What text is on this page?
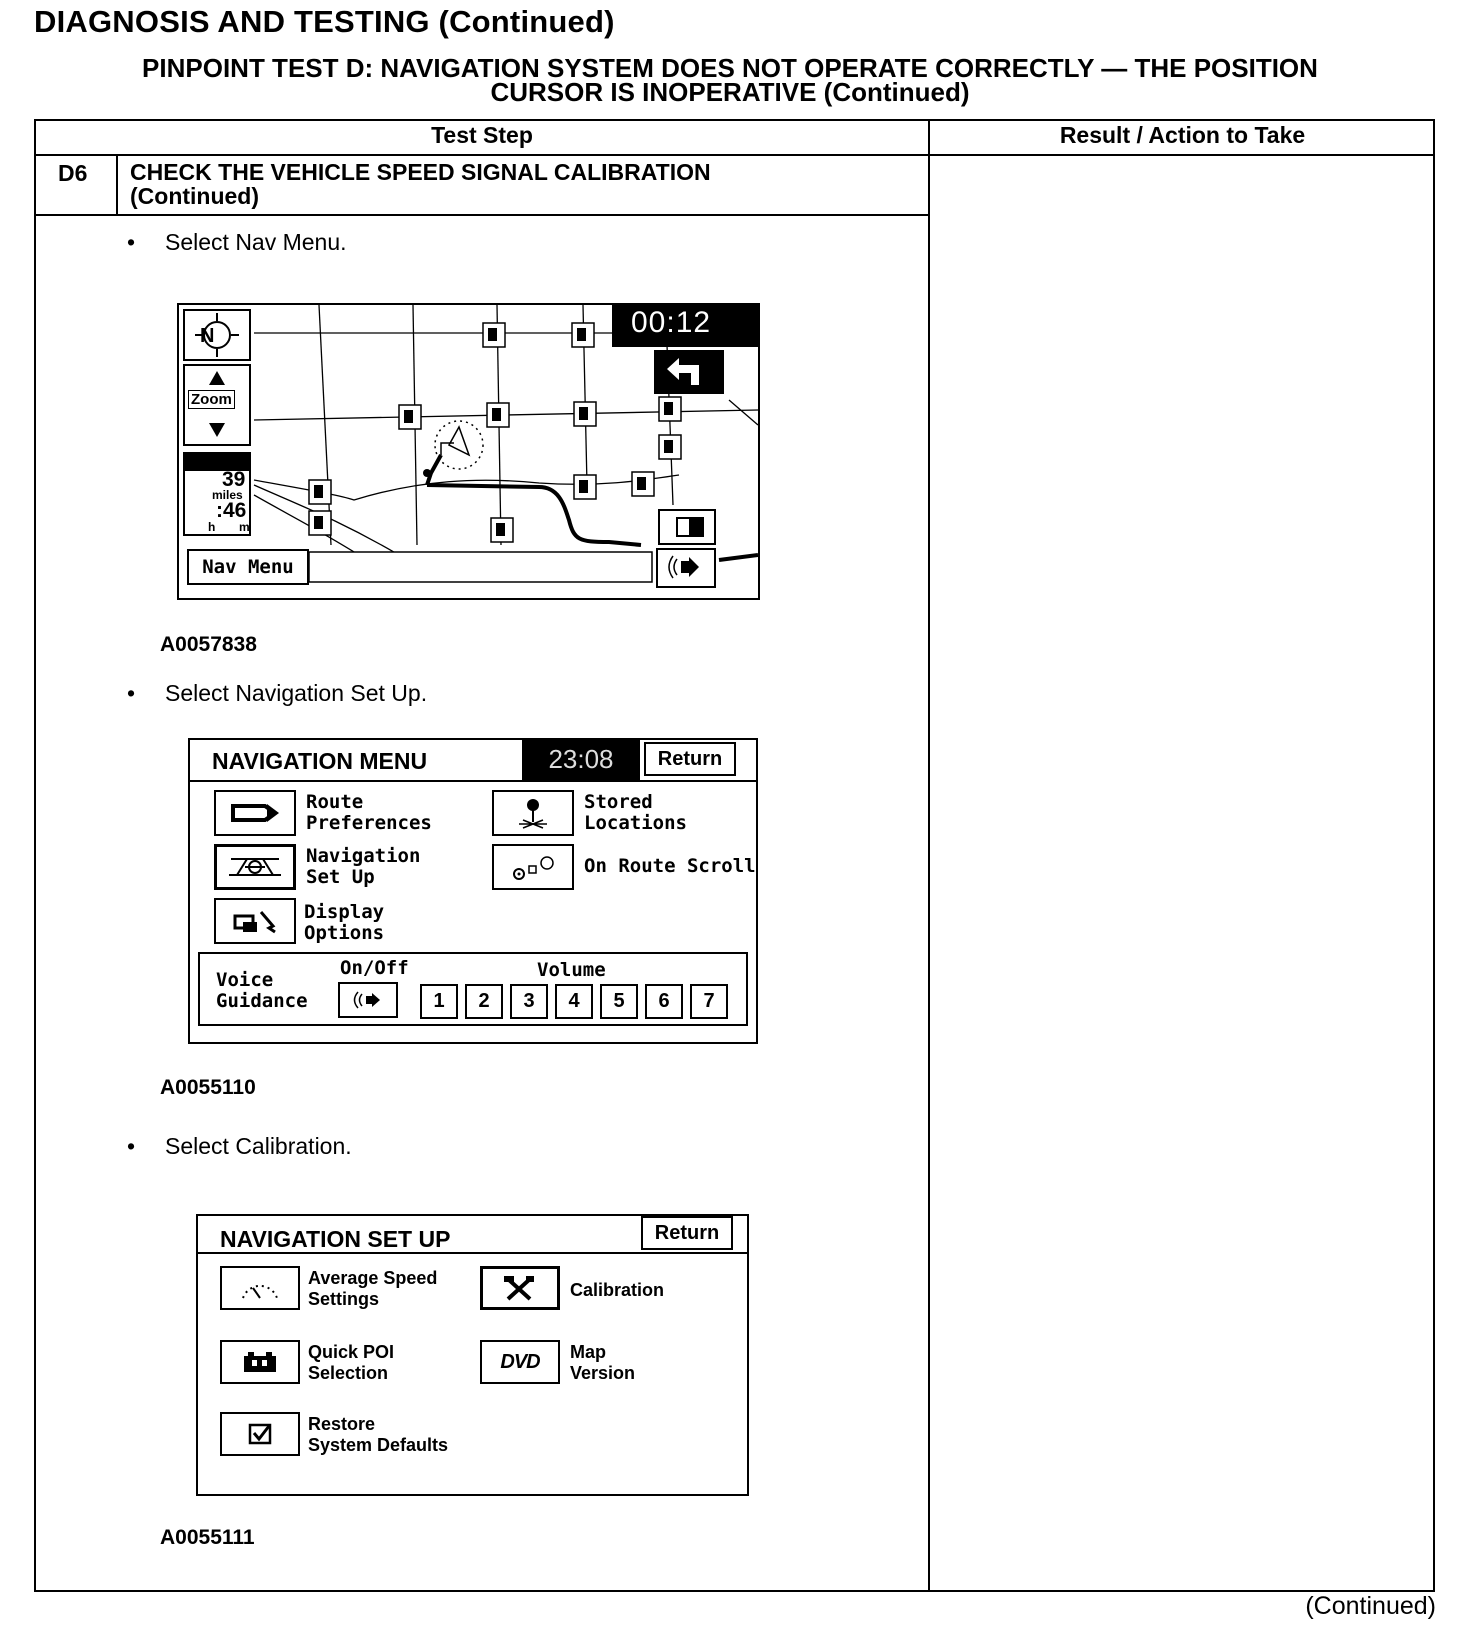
DIAGNOSIS AND TESTING (Continued)
PINPOINT TEST D: NAVIGATION SYSTEM DOES NOT OPERATE CORRECTLY — THE POSITION
CURSOR IS INOPERATIVE (Continued)
Test Step	Result / Action to Take
D6 CHECK THE VEHICLE SPEED SIGNAL CALIBRATION
(Continued)
• Select Nav Menu.
N	00:12
Zoom
39
miles
:46
h m
Nav Menu
A0057838
• Select Navigation Set Up.
NAVIGATION MENU	23:08	Return
Route
Preferences
Navigation
Set Up
Display
Options
Stored
Locations
On Route Scroll
Voice
Guidance
On/Off	Volume
1	2	3	4	5	6	7
A0055110
• Select Calibration.
NAVIGATION SET UP	Return
Average Speed
Settings	Calibration
Quick POI
Selection
DVD Map
Version
Restore
System Defaults
A0055111
(Continued)
